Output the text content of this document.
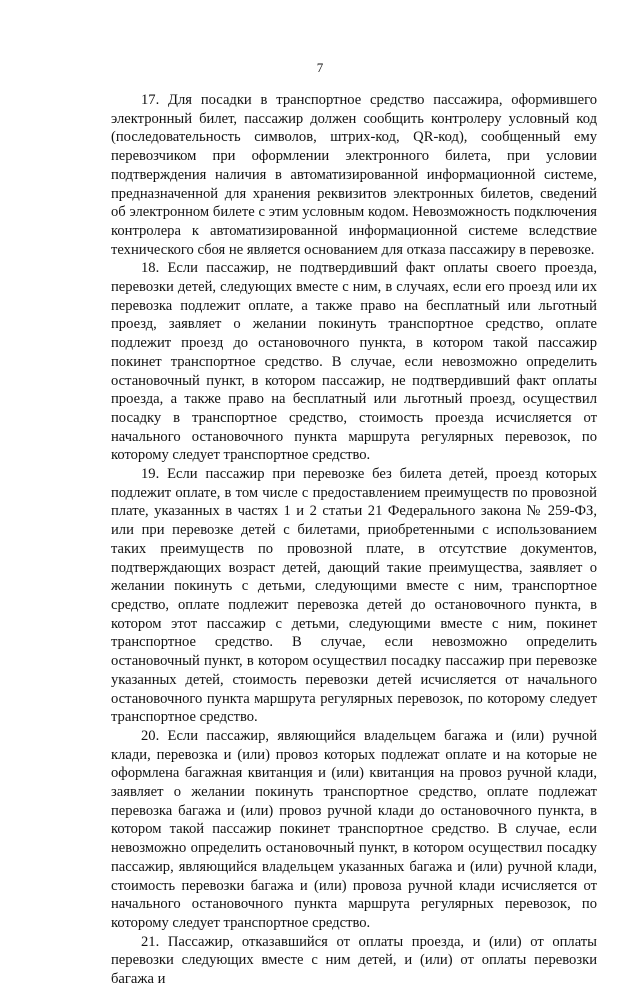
7

17. Для посадки в транспортное средство пассажира, оформившего электронный билет, пассажир должен сообщить контролеру условный код (последовательность символов, штрих-код, QR-код), сообщенный ему перевозчиком при оформлении электронного билета, при условии подтверждения наличия в автоматизированной информационной системе, предназначенной для хранения реквизитов электронных билетов, сведений об электронном билете с этим условным кодом. Невозможность подключения контролера к автоматизированной информационной системе вследствие технического сбоя не является основанием для отказа пассажиру в перевозке.

18. Если пассажир, не подтвердивший факт оплаты своего проезда, перевозки детей, следующих вместе с ним, в случаях, если его проезд или их перевозка подлежит оплате, а также право на бесплатный или льготный проезд, заявляет о желании покинуть транспортное средство, оплате подлежит проезд до остановочного пункта, в котором такой пассажир покинет транспортное средство. В случае, если невозможно определить остановочный пункт, в котором пассажир, не подтвердивший факт оплаты проезда, а также право на бесплатный или льготный проезд, осуществил посадку в транспортное средство, стоимость проезда исчисляется от начального остановочного пункта маршрута регулярных перевозок, по которому следует транспортное средство.

19. Если пассажир при перевозке без билета детей, проезд которых подлежит оплате, в том числе с предоставлением преимуществ по провозной плате, указанных в частях 1 и 2 статьи 21 Федерального закона № 259-ФЗ, или при перевозке детей с билетами, приобретенными с использованием таких преимуществ по провозной плате, в отсутствие документов, подтверждающих возраст детей, дающий такие преимущества, заявляет о желании покинуть с детьми, следующими вместе с ним, транспортное средство, оплате подлежит перевозка детей до остановочного пункта, в котором этот пассажир с детьми, следующими вместе с ним, покинет транспортное средство. В случае, если невозможно определить остановочный пункт, в котором осуществил посадку пассажир при перевозке указанных детей, стоимость перевозки детей исчисляется от начального остановочного пункта маршрута регулярных перевозок, по которому следует транспортное средство.

20. Если пассажир, являющийся владельцем багажа и (или) ручной клади, перевозка и (или) провоз которых подлежат оплате и на которые не оформлена багажная квитанция и (или) квитанция на провоз ручной клади, заявляет о желании покинуть транспортное средство, оплате подлежат перевозка багажа и (или) провоз ручной клади до остановочного пункта, в котором такой пассажир покинет транспортное средство. В случае, если невозможно определить остановочный пункт, в котором осуществил посадку пассажир, являющийся владельцем указанных багажа и (или) ручной клади, стоимость перевозки багажа и (или) провоза ручной клади исчисляется от начального остановочного пункта маршрута регулярных перевозок, по которому следует транспортное средство.

21. Пассажир, отказавшийся от оплаты проезда, и (или) от оплаты перевозки следующих вместе с ним детей, и (или) от оплаты перевозки багажа и
